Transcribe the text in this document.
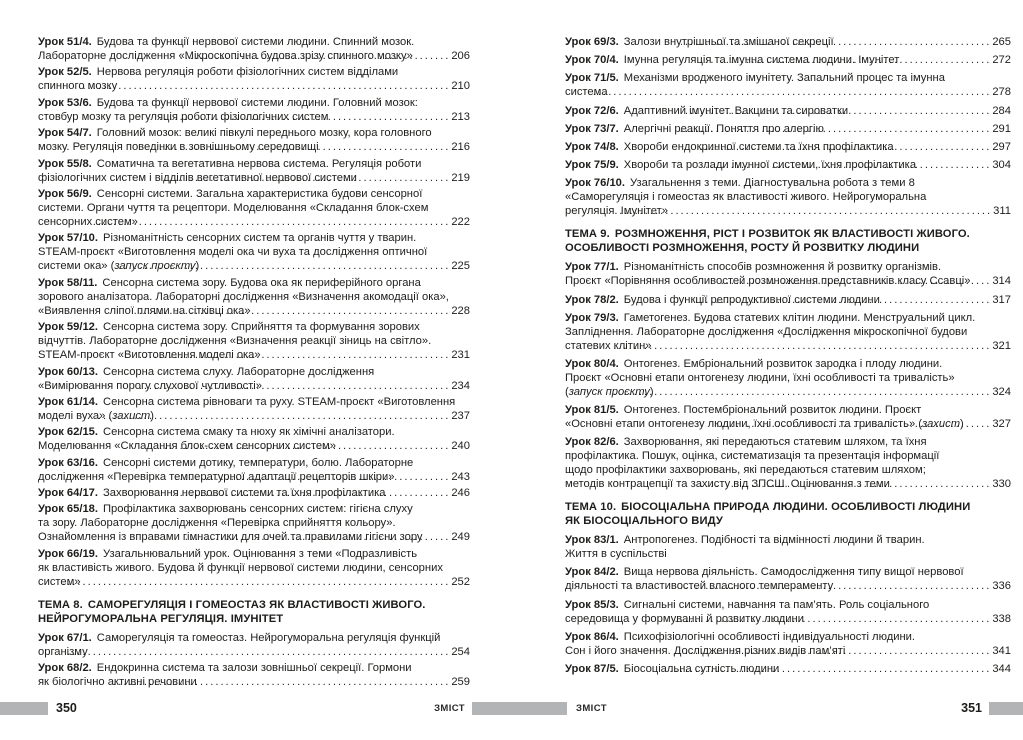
Урок 51/4. Будова та функції нервової системи людини. Спинний мозок.
Лабораторне дослідження «Мікроскопічна будова зрізу спинного мозку» .....	206
Урок 52/5. Нервова регуляція роботи фізіологічних систем відділами
спинного мозку .....	210
Урок 53/6. Будова та функції нервової системи людини. Головний мозок:
стовбур мозку та регуляція роботи фізіологічних систем .....	213
Урок 54/7. Головний мозок: великі півкулі переднього мозку, кора головного
мозку. Регуляція поведінки в зовнішньому середовищі .....	216
Урок 55/8. Соматична та вегетативна нервова система. Регуляція роботи
фізіологічних систем і відділів вегетативної нервової системи .....	219
Урок 56/9. Сенсорні системи. Загальна характеристика будови сенсорної
системи. Органи чуття та рецептори. Моделювання «Складання блок-схем
сенсорних систем» .....	222
Урок 57/10. Різноманітність сенсорних систем та органів чуття у тварин.
STEAM-проєкт «Виготовлення моделі ока чи вуха та дослідження оптичної
системи ока» (запуск проєкту) .....	225
Урок 58/11. Сенсорна система зору. Будова ока як периферійного органа
зорового аналізатора. Лабораторні дослідження «Визначення акомодації ока»,
«Виявлення сліпої плями на сітківці ока» .....	228
Урок 59/12. Сенсорна система зору. Сприйняття та формування зорових
відчуттів. Лабораторне дослідження «Визначення реакції зіниць на світло».
STEAM-проєкт «Виготовлення моделі ока» .....	231
Урок 60/13. Сенсорна система слуху. Лабораторне дослідження
«Вимірювання порогу слухової чутливості» .....	234
Урок 61/14. Сенсорна система рівноваги та руху. STEAM-проєкт «Виготовлення
моделі вуха» (захист) .....	237
Урок 62/15. Сенсорна система смаку та нюху як хімічні аналізатори.
Моделювання «Складання блок-схем сенсорних систем» .....	240
Урок 63/16. Сенсорні системи дотику, температури, болю. Лабораторне
дослідження «Перевірка температурної адаптації рецепторів шкіри» .....	243
Урок 64/17. Захворювання нервової системи та їхня профілактика .....	246
Урок 65/18. Профілактика захворювань сенсорних систем: гігієна слуху
та зору. Лабораторне дослідження «Перевірка сприйняття кольору».
Ознайомлення із вправами гімнастики для очей та правилами гігієни зору .....	249
Урок 66/19. Узагальнювальний урок. Оцінювання з теми «Подразливість
як властивість живого. Будова й функції нервової системи людини, сенсорних
систем» .....	252
ТЕМА 8. САМОРЕГУЛЯЦІЯ І ГОМЕОСТАЗ ЯК ВЛАСТИВОСТІ ЖИВОГО.
НЕЙРОГУМОРАЛЬНА РЕГУЛЯЦІЯ. ІМУНІТЕТ
Урок 67/1. Саморегуляція та гомеостаз. Нейрогуморальна регуляція функцій
організму .....	254
Урок 68/2. Ендокринна система та залози зовнішньої секреції. Гормони
як біологічно активні речовини .....	259
350	ЗМІСТ
Урок 69/3. Залози внутрішньої та змішаної секреції .....	265
Урок 70/4. Імунна регуляція та імунна система людини. Імунітет .....	272
Урок 71/5. Механізми вродженого імунітету. Запальний процес та імунна
система .....	278
Урок 72/6. Адаптивний імунітет. Вакцини та сироватки .....	284
Урок 73/7. Алергічні реакції. Поняття про алергію .....	291
Урок 74/8. Хвороби ендокринної системи та їхня профілактика .....	297
Урок 75/9. Хвороби та розлади імунної системи, їхня профілактика .....	304
Урок 76/10. Узагальнення з теми. Діагностувальна робота з теми 8
«Саморегуляція і гомеостаз як властивості живого. Нейрогуморальна
регуляція. Імунітет» .....	311
ТЕМА 9. РОЗМНОЖЕННЯ, РІСТ І РОЗВИТОК ЯК ВЛАСТИВОСТІ ЖИВОГО.
ОСОБЛИВОСТІ РОЗМНОЖЕННЯ, РОСТУ Й РОЗВИТКУ ЛЮДИНИ
Урок 77/1. Різноманітність способів розмноження й розвитку організмів.
Проєкт «Порівняння особливостей розмноження представників класу Ссавці» ..... 314
Урок 78/2. Будова і функції репродуктивної системи людини .....	317
Урок 79/3. Гаметогенез. Будова статевих клітин людини. Менструальний цикл.
Запліднення. Лабораторне дослідження «Дослідження мікроскопічної будови
статевих клітин» .....	321
Урок 80/4. Онтогенез. Ембріональний розвиток зародка і плоду людини.
Проєкт «Основні етапи онтогенезу людини, їхні особливості та тривалість»
(запуск проєкту) .....	324
Урок 81/5. Онтогенез. Постембріональний розвиток людини. Проєкт
«Основні етапи онтогенезу людини, їхні особливості та тривалість» (захист) .....	327
Урок 82/6. Захворювання, які передаються статевим шляхом, та їхня
профілактика. Пошук, оцінка, систематизація та презентація інформації
щодо профілактики захворювань, які передаються статевим шляхом;
методів контрацепції та захисту від ЗПСШ. Оцінювання з теми .....	330
ТЕМА 10. БІОСОЦІАЛЬНА ПРИРОДА ЛЮДИНИ. ОСОБЛИВОСТІ ЛЮДИНИ
ЯК БІОСОЦІАЛЬНОГО ВИДУ
Урок 83/1. Антропогенез. Подібності та відмінності людини й тварин.
Життя в суспільстві
Урок 84/2. Вища нервова діяльність. Самодослідження типу вищої нервової
діяльності та властивостей власного темпераменту .....	336
Урок 85/3. Сигнальні системи, навчання та пам’ять. Роль соціального
середовища у формуванні й розвитку людини .....	338
Урок 86/4. Психофізіологічні особливості індивідуальності людини.
Сон і його значення. Дослідження різних видів пам’яті .....	341
Урок 87/5. Біосоціальна сутність людини .....	344
ЗМІСТ	351
